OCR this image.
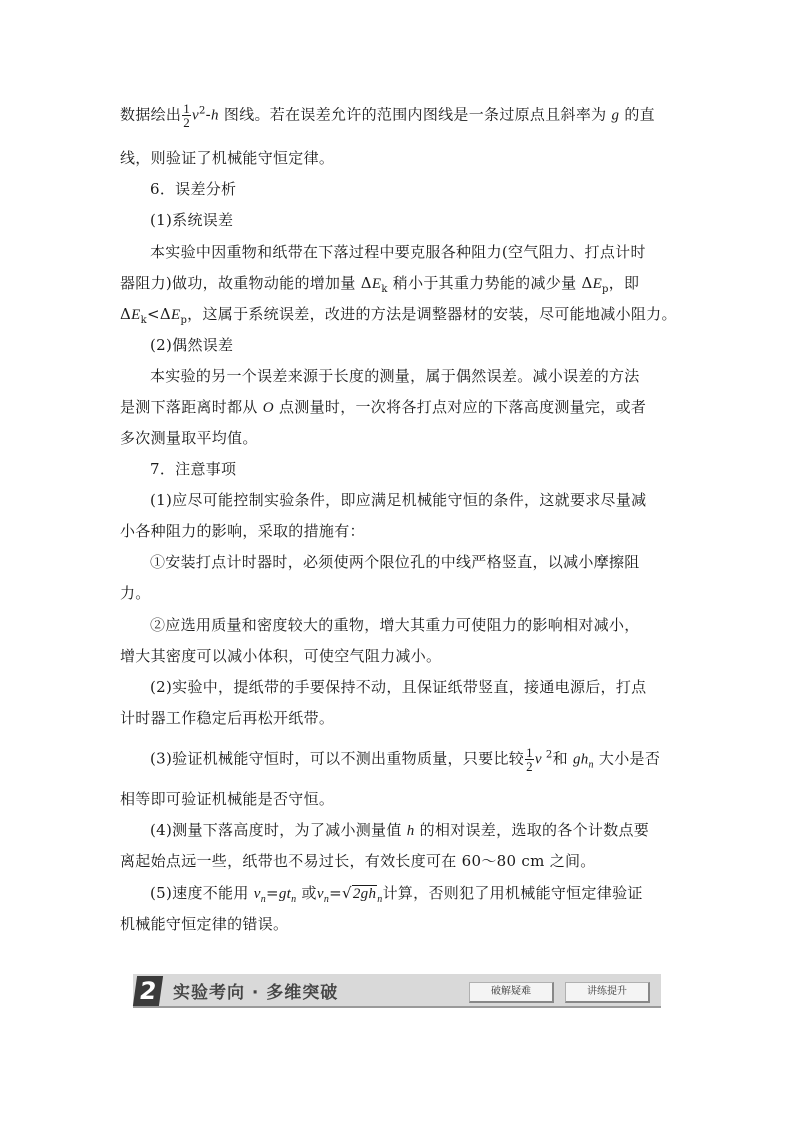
数据绘出 $\frac{1}{2} v^2-h$ 图线。若在误差允许的范围内图线是一条过原点且斜率为 g 的直
线，则验证了机械能守恒定律。
6．误差分析
(1)系统误差
本实验中因重物和纸带在下落过程中要克服各种阻力(空气阻力、打点计时
器阻力)做功，故重物动能的增加量 $\Delta E_k$ 稍小于其重力势能的减少量 $\Delta E_p$，即
$\Delta E_k<\Delta E_p$，这属于系统误差，改进的方法是调整器材的安装，尽可能地减小阻力。
(2)偶然误差
本实验的另一个误差来源于长度的测量，属于偶然误差。减小误差的方法
是测下落距离时都从 O 点测量时，一次将各打点对应的下落高度测量完，或者
多次测量取平均值。
7．注意事项
(1)应尽可能控制实验条件，即应满足机械能守恒的条件，这就要求尽量减
小各种阻力的影响，采取的措施有：
①安装打点计时器时，必须使两个限位孔的中线严格竖直，以减小摩擦阻
力。
②应选用质量和密度较大的重物，增大其重力可使阻力的影响相对减小，
增大其密度可以减小体积，可使空气阻力减小。
(2)实验中，提纸带的手要保持不动，且保证纸带竖直，接通电源后，打点
计时器工作稳定后再松开纸带。
(3)验证机械能守恒时，可以不测出重物质量，只要比较 $\frac{1}{2}$ v $^2$和 $gh_n$ 大小是否
相等即可验证机械能是否守恒。
(4)测量下落高度时，为了减小测量值 h 的相对误差，选取的各个计数点要
离起始点远一些，纸带也不易过长，有效长度可在 60～80 cm 之间。
(5)速度不能用 $v_n=gt_n$ 或$v_n=√2gh_n$计算，否则犯了用机械能守恒定律验证
机械能守恒定律的错误。
2 实验考向 · 多维突破	破解疑难	讲练提升
